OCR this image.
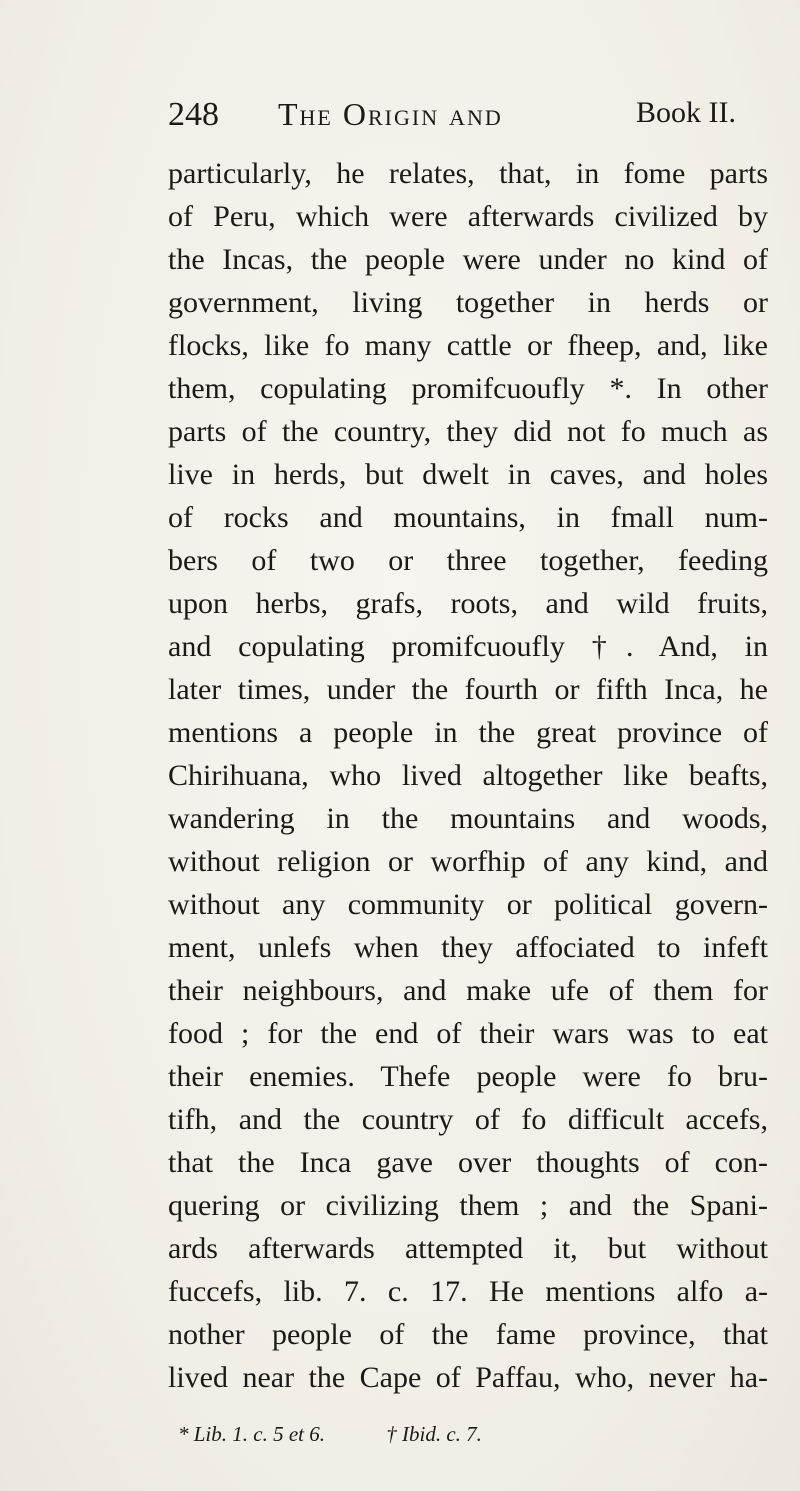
248 The Origin and	Book II.
particularly, he relates, that, in fome parts
of Peru, which were afterwards civilized by
the Incas, the people were under no kind of
government, living together in herds or
flocks, like fo many cattle or fheep, and, like
them, copulating promifcuoufly *. In other
parts of the country, they did not fo much as
live in herds, but dwelt in caves, and holes
of rocks and mountains, in fmall num-
bers of two or three together, feeding
upon herbs, grafs, roots, and wild fruits,
and copulating promifcuoufly †. And, in
later times, under the fourth or fifth Inca, he
mentions a people in the great province of
Chirihuana, who lived altogether like beafts,
wandering in the mountains and woods,
without religion or worfhip of any kind, and
without any community or political govern-
ment, unlefs when they affociated to infeft
their neighbours, and make ufe of them for
food ; for the end of their wars was to eat
their enemies. Thefe people were fo bru-
tifh, and the country of fo difficult accefs,
that the Inca gave over thoughts of con-
quering or civilizing them ; and the Spani-
ards afterwards attempted it, but without
fuccefs, lib. 7. c. 17. He mentions alfo a-
nother people of the fame province, that
lived near the Cape of Paffau, who, never ha-
* Lib. 1. c. 5 et 6.	† Ibid. c. 7.
